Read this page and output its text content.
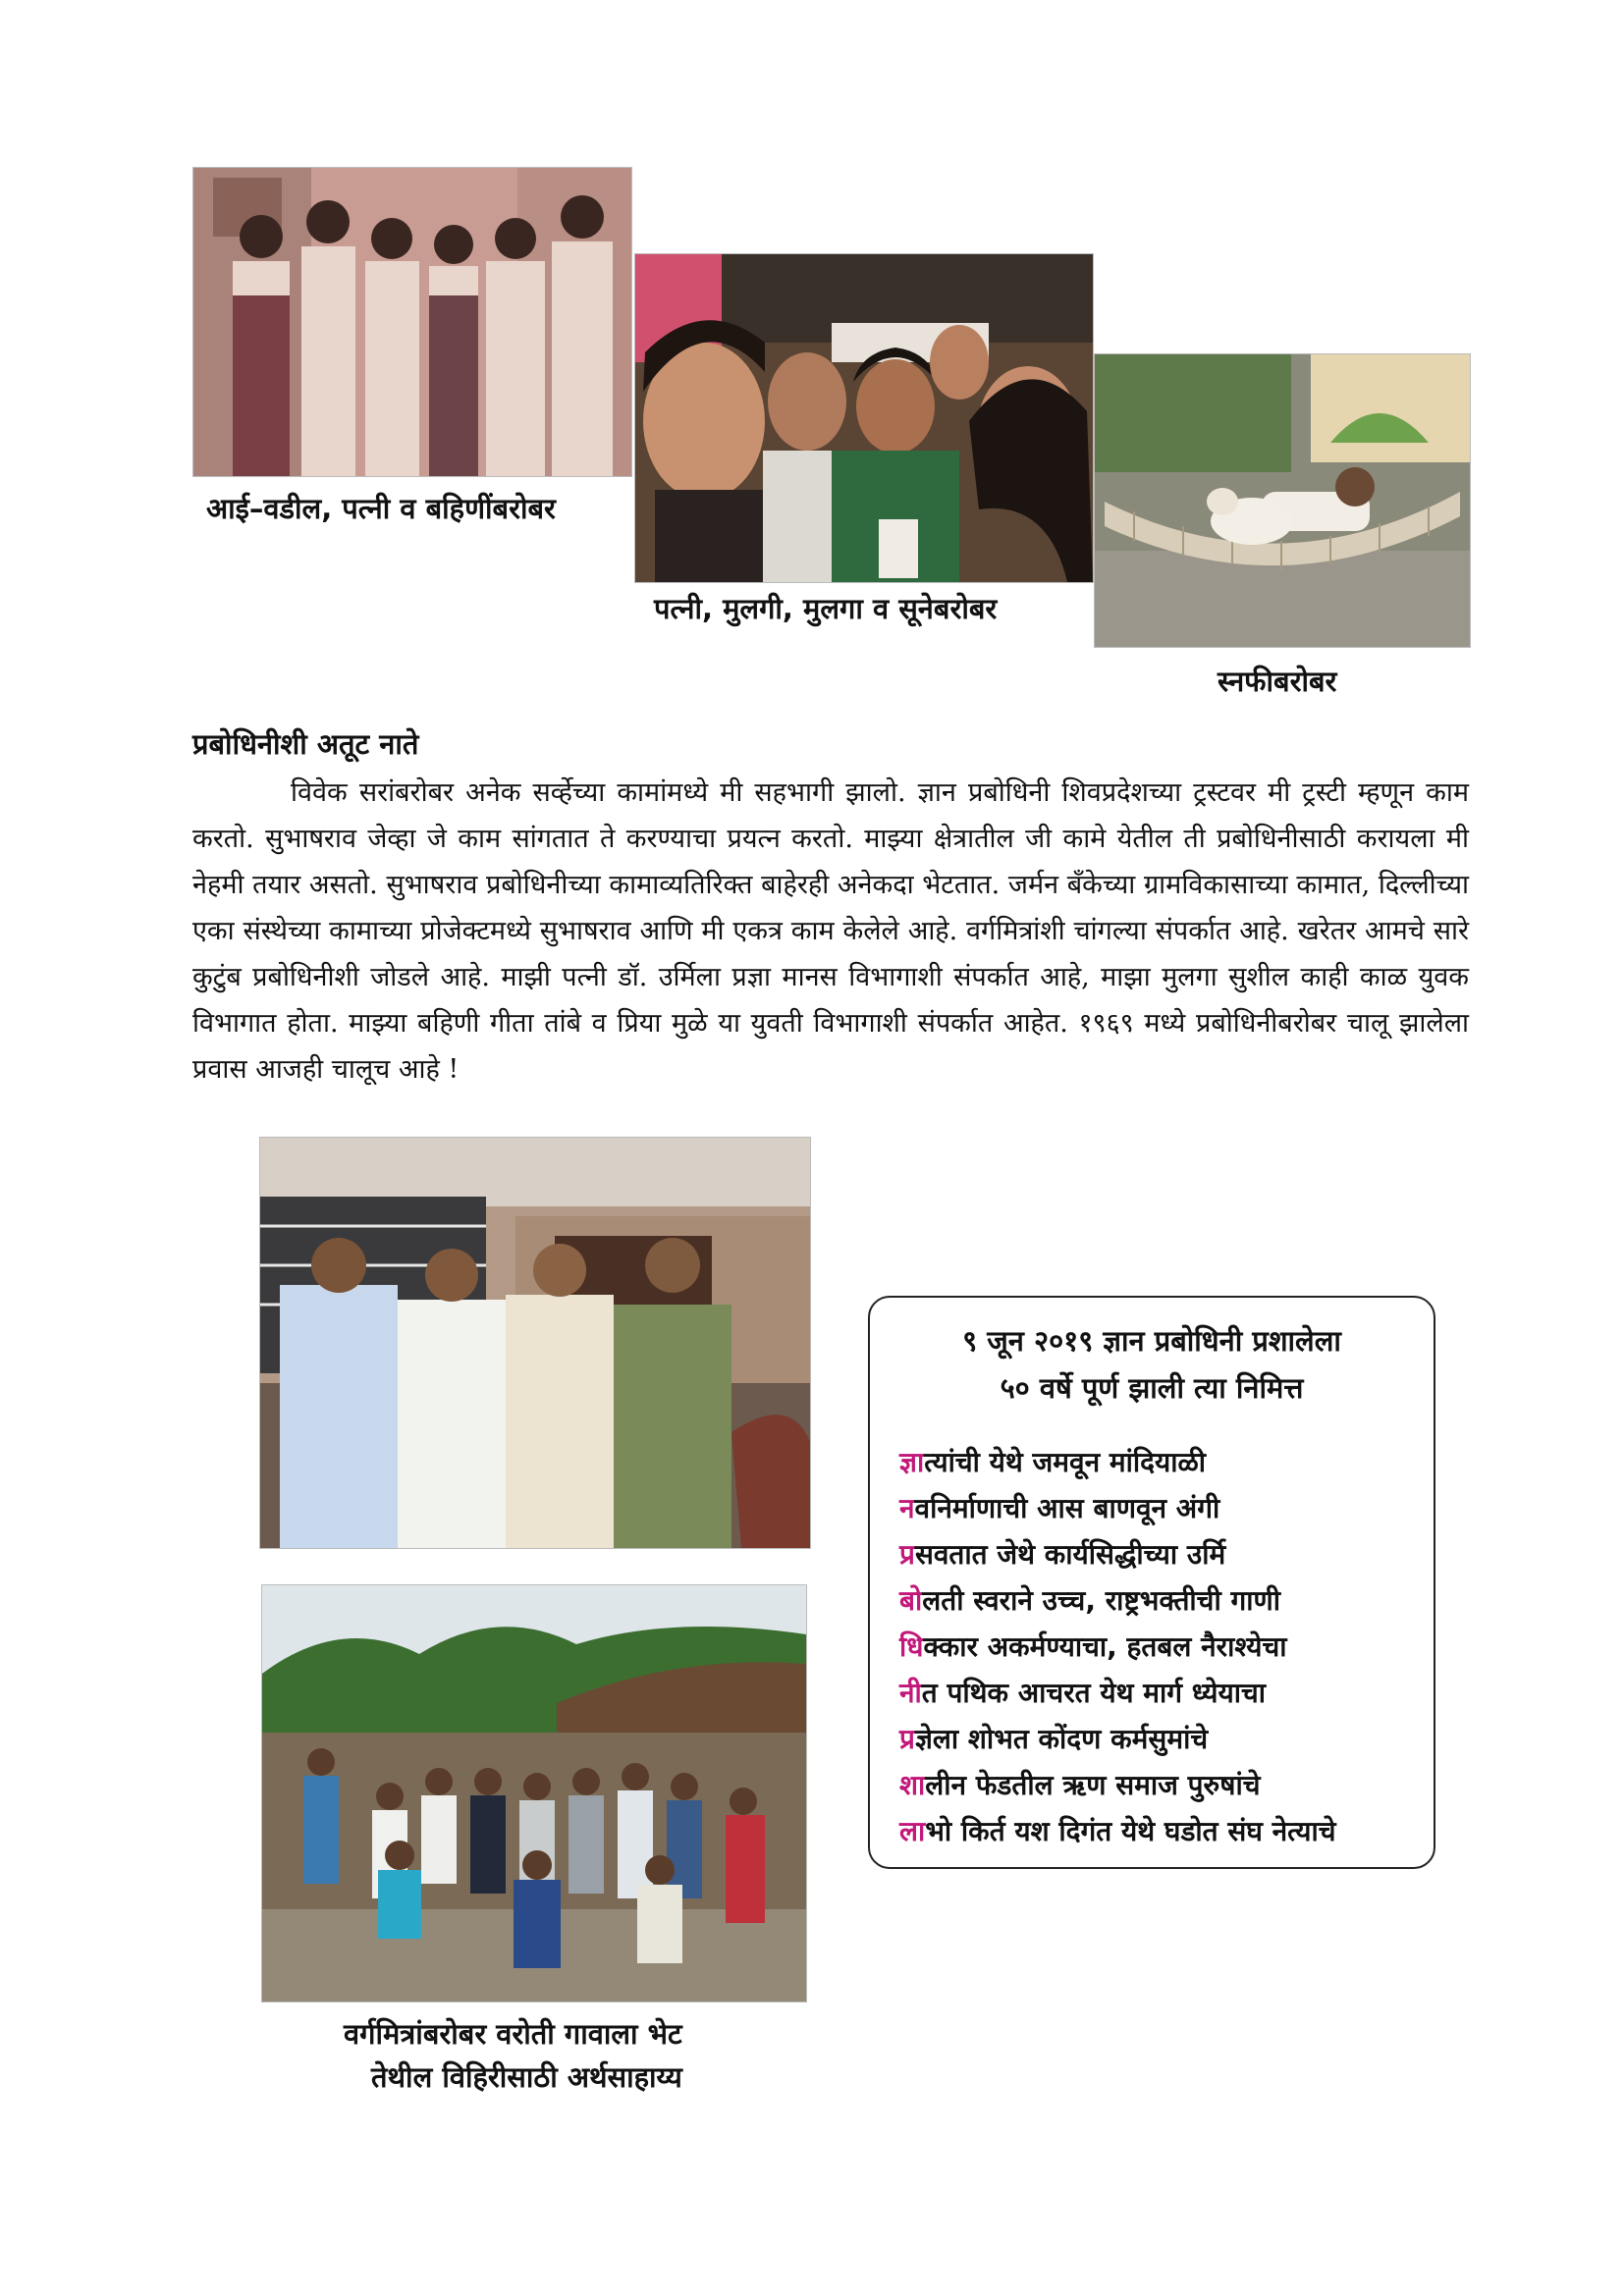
आई–वडील, पत्नी व बहिणींबरोबर
पत्नी, मुलगी, मुलगा व सूनेबरोबर
स्नफीबरोबर
प्रबोधिनीशी अतूट नाते

विवेक सरांबरोबर अनेक सर्व्हेच्या कामांमध्ये मी सहभागी झालो. ज्ञान प्रबोधिनी शिवप्रदेशच्या ट्रस्टवर मी ट्रस्टी म्हणून काम करतो. सुभाषराव जेव्हा जे काम सांगतात ते करण्याचा प्रयत्न करतो. माझ्या क्षेत्रातील जी कामे येतील ती प्रबोधिनीसाठी करायला मी नेहमी तयार असतो. सुभाषराव प्रबोधिनीच्या कामाव्यतिरिक्त बाहेरही अनेकदा भेटतात. जर्मन बँकेच्या ग्रामविकासाच्या कामात, दिल्लीच्या एका संस्थेच्या कामाच्या प्रोजेक्टमध्ये सुभाषराव आणि मी एकत्र काम केलेले आहे. वर्गमित्रांशी चांगल्या संपर्कात आहे. खरेतर आमचे सारे कुटुंब प्रबोधिनीशी जोडले आहे. माझी पत्नी डॉ. उर्मिला प्रज्ञा मानस विभागाशी संपर्कात आहे, माझा मुलगा सुशील काही काळ युवक विभागात होता. माझ्या बहिणी गीता तांबे व प्रिया मुळे या युवती विभागाशी संपर्कात आहेत. १९६९ मध्ये प्रबोधिनीबरोबर चालू झालेला प्रवास आजही चालूच आहे !

वर्गमित्रांबरोबर वरोती गावाला भेट
तेथील विहिरीसाठी अर्थसाहाय्य
९ जून २०१९ ज्ञान प्रबोधिनी प्रशालेला
५० वर्षे पूर्ण झाली त्या निमित्त
ज्ञात्यांची येथे जमवून मांदियाळी
नवनिर्माणाची आस बाणवून अंगी
प्रसवतात जेथे कार्यसिद्धीच्या उर्मि
बोलती स्वराने उच्च, राष्ट्रभक्तीची गाणी
धिक्कार अकर्मण्याचा, हतबल नैराश्येचा
नीत पथिक आचरत येथ मार्ग ध्येयाचा
प्रज्ञेला शोभत कोंदण कर्मसुमांचे
शालीन फेडतील ऋण समाज पुरुषांचे
लाभो किर्त यश दिगंत येथे घडोत संघ नेत्याचे
